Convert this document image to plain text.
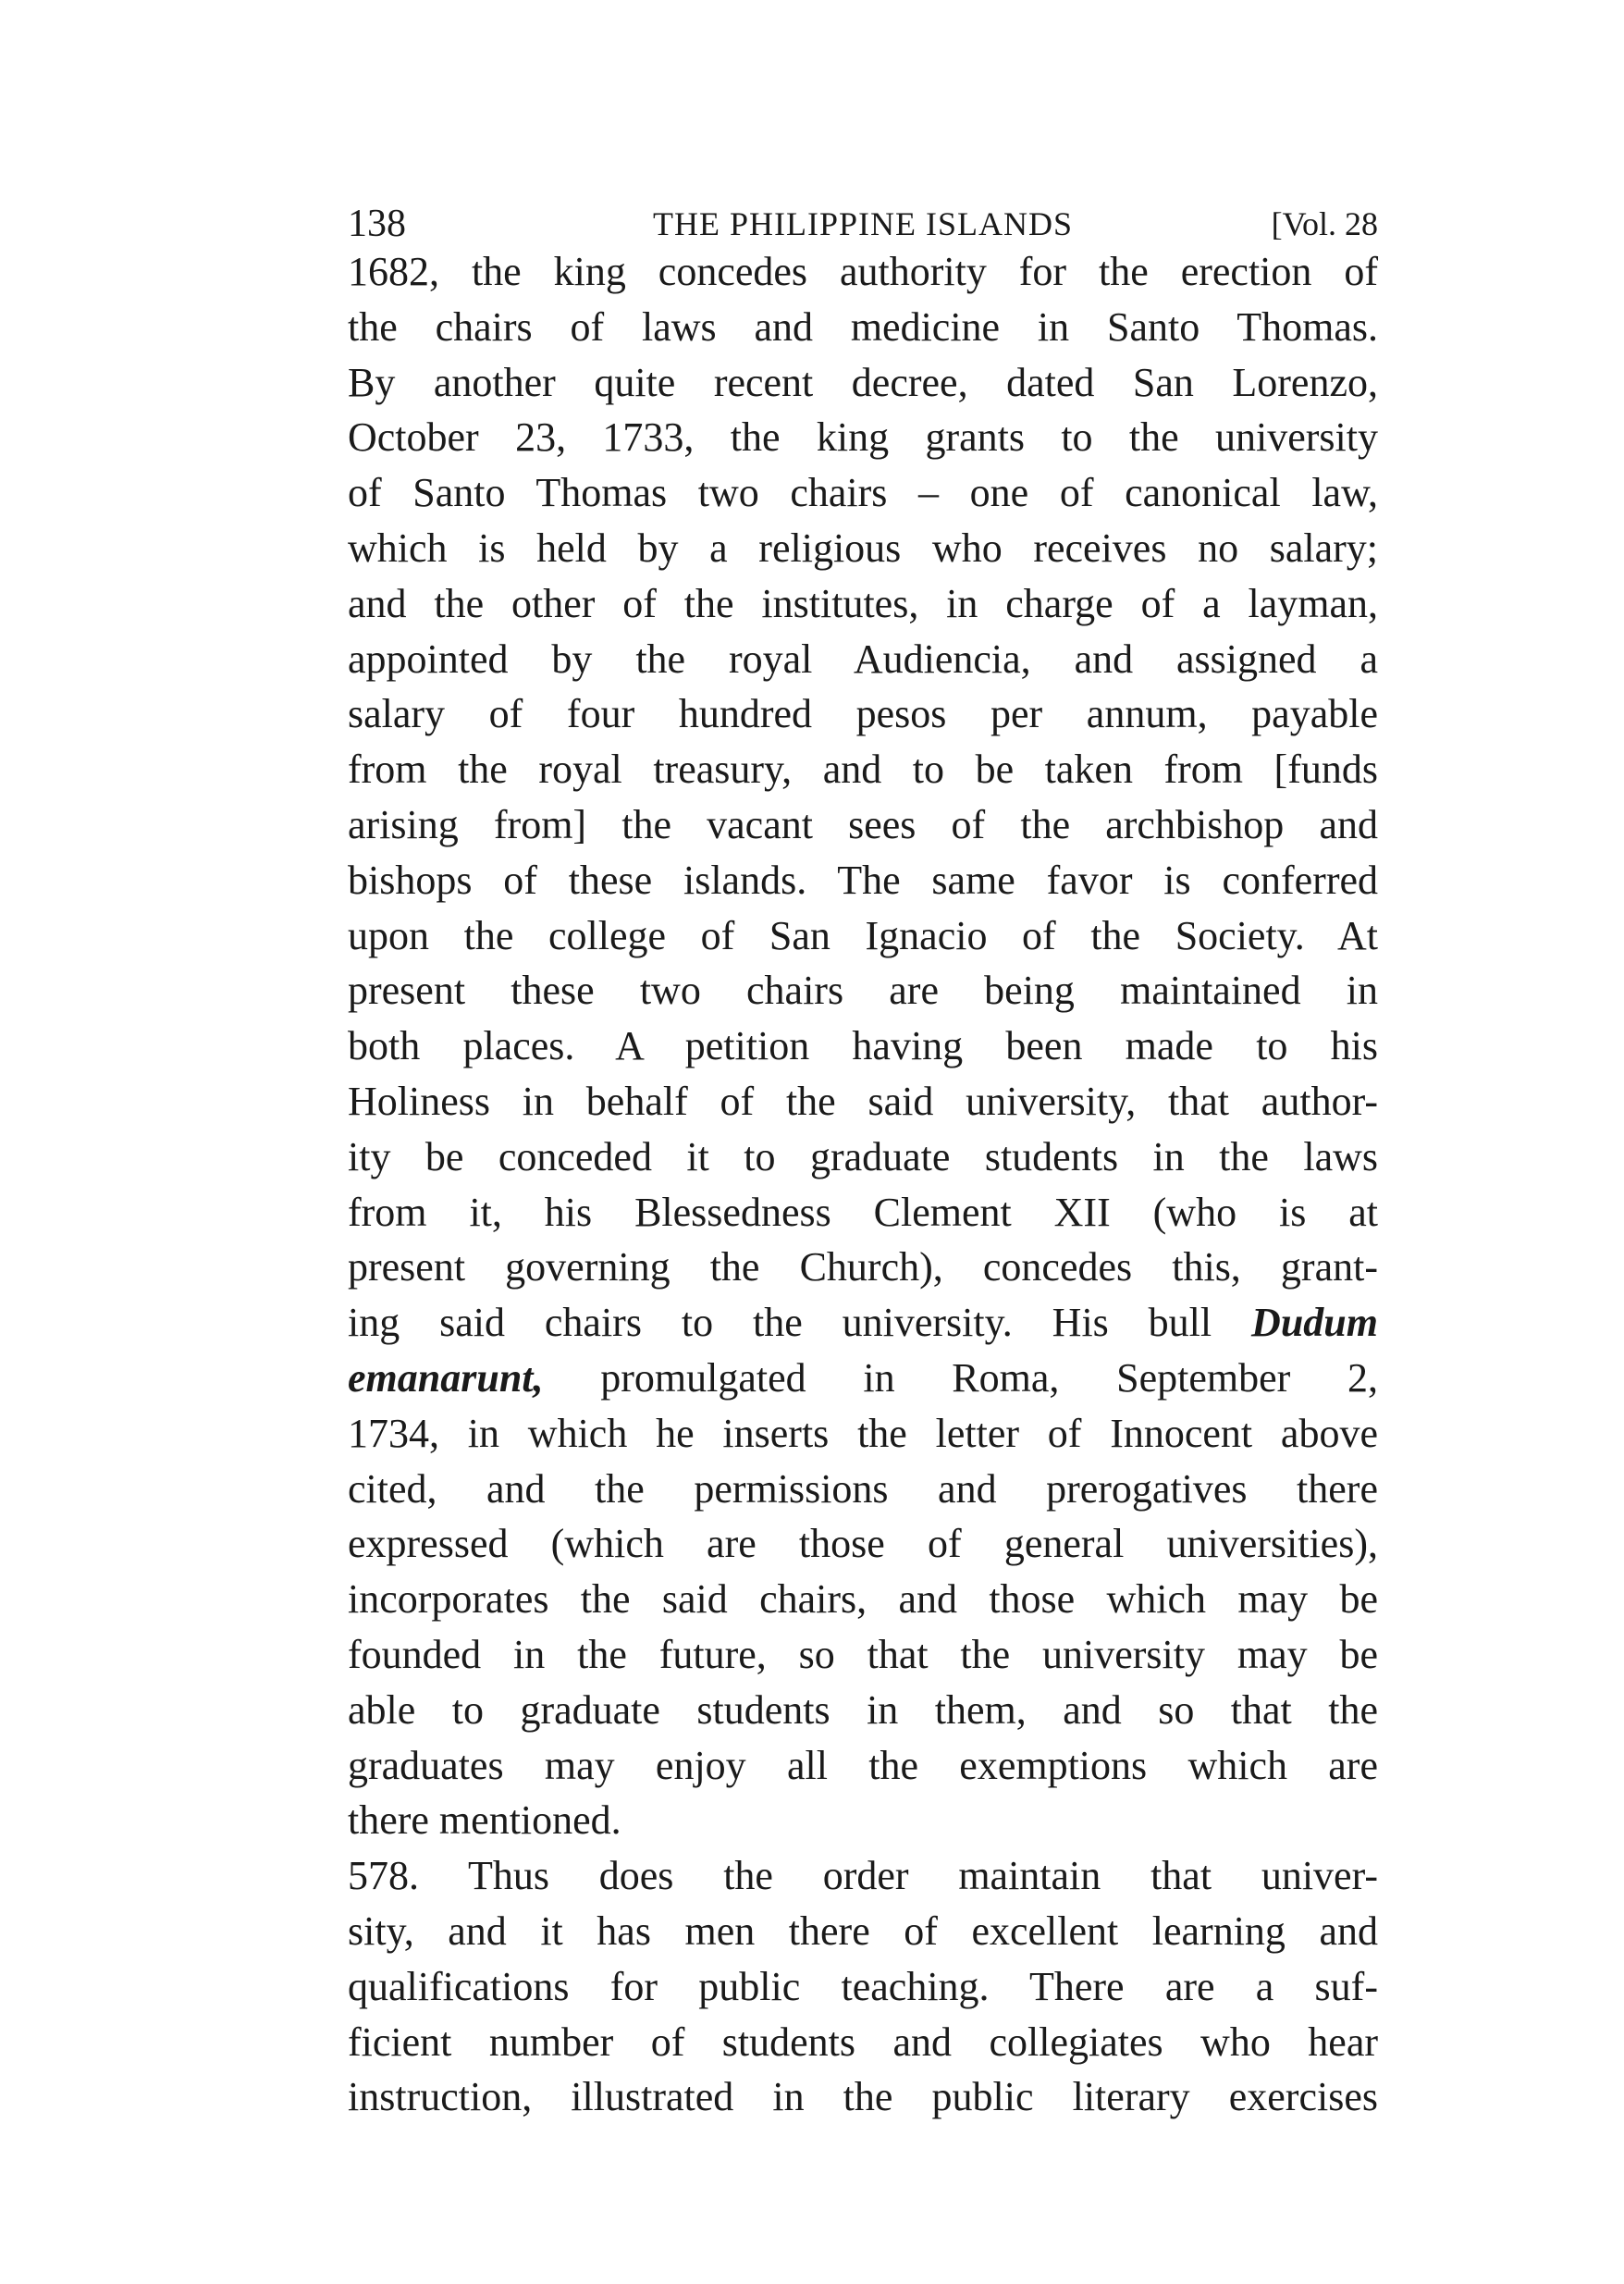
138	THE PHILIPPINE ISLANDS	[Vol. 28
1682, the king concedes authority for the erection of
the chairs of laws and medicine in Santo Thomas.
By another quite recent decree, dated San Lorenzo,
October 23, 1733, the king grants to the university
of Santo Thomas two chairs – one of canonical law,
which is held by a religious who receives no salary;
and the other of the institutes, in charge of a layman,
appointed by the royal Audiencia, and assigned a
salary of four hundred pesos per annum, payable
from the royal treasury, and to be taken from [funds
arising from] the vacant sees of the archbishop and
bishops of these islands. The same favor is conferred
upon the college of San Ignacio of the Society. At
present these two chairs are being maintained in
both places. A petition having been made to his
Holiness in behalf of the said university, that author-
ity be conceded it to graduate students in the laws
from it, his Blessedness Clement XII (who is at
present governing the Church), concedes this, grant-
ing said chairs to the university. His bull Dudum
emanarunt, promulgated in Roma, September 2,
1734, in which he inserts the letter of Innocent above
cited, and the permissions and prerogatives there
expressed (which are those of general universities),
incorporates the said chairs, and those which may be
founded in the future, so that the university may be
able to graduate students in them, and so that the
graduates may enjoy all the exemptions which are
there mentioned.
578. Thus does the order maintain that univer-
sity, and it has men there of excellent learning and
qualifications for public teaching. There are a suf-
ficient number of students and collegiates who hear
instruction, illustrated in the public literary exercises
